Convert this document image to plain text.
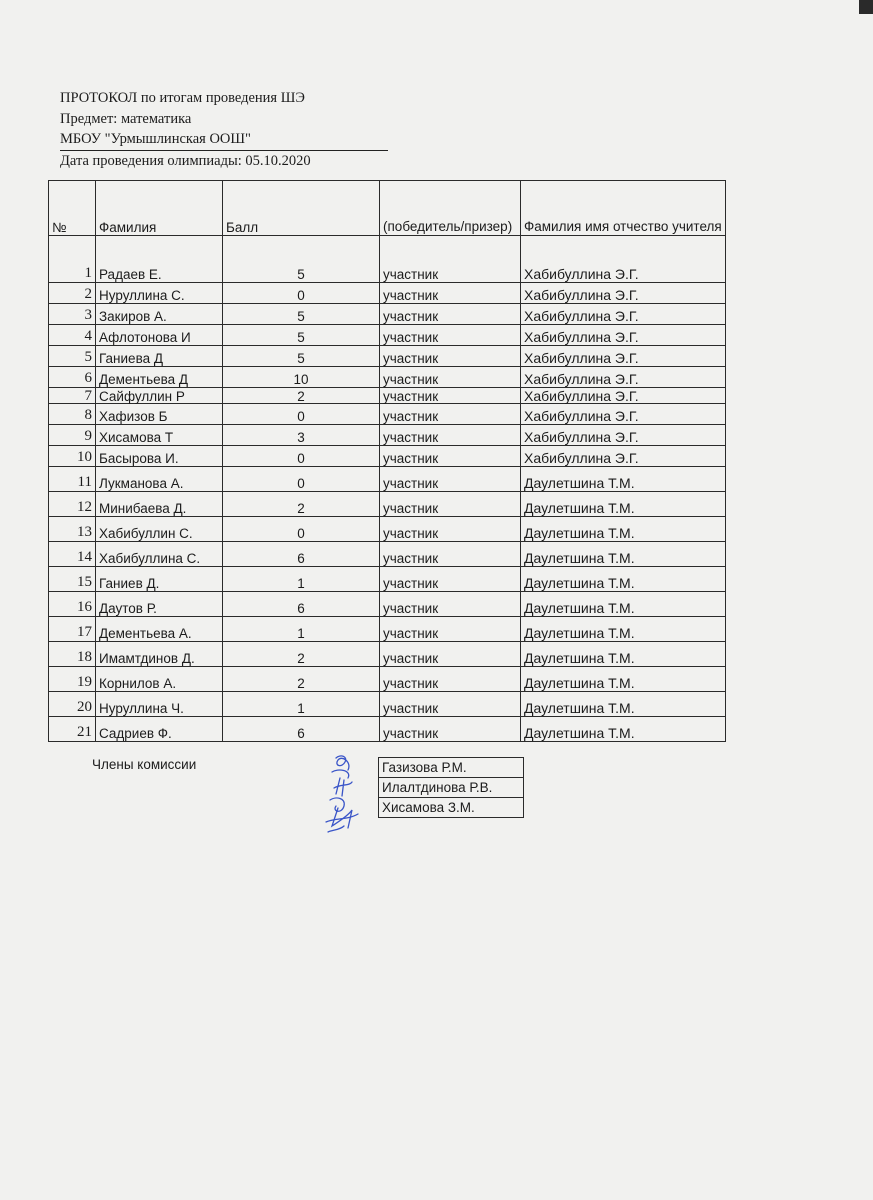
ПРОТОКОЛ по итогам проведения ШЭ
Предмет: математика
МБОУ "Урмышлинская ООШ"
Дата проведения олимпиады: 05.10.2020
№	Фамилия	Балл	(победитель/призер)	Фамилия имя отчество учителя
1	Радаев Е.	5	участник	Хабибуллина Э.Г.
2	Нуруллина С.	0	участник	Хабибуллина Э.Г.
3	Закиров А.	5	участник	Хабибуллина Э.Г.
4	Афлотонова И	5	участник	Хабибуллина Э.Г.
5	Ганиева Д	5	участник	Хабибуллина Э.Г.
6	Дементьева Д	10	участник	Хабибуллина Э.Г.
7	Сайфуллин Р	2	участник	Хабибуллина Э.Г.
8	Хафизов Б	0	участник	Хабибуллина Э.Г.
9	Хисамова Т	3	участник	Хабибуллина Э.Г.
10	Басырова И.	0	участник	Хабибуллина Э.Г.
11	Лукманова А.	0	участник	Даулетшина Т.М.
12	Минибаева Д.	2	участник	Даулетшина Т.М.
13	Хабибуллин С.	0	участник	Даулетшина Т.М.
14	Хабибуллина С.	6	участник	Даулетшина Т.М.
15	Ганиев Д.	1	участник	Даулетшина Т.М.
16	Даутов Р.	6	участник	Даулетшина Т.М.
17	Дементьева А.	1	участник	Даулетшина Т.М.
18	Имамтдинов Д.	2	участник	Даулетшина Т.М.
19	Корнилов А.	2	участник	Даулетшина Т.М.
20	Нуруллина Ч.	1	участник	Даулетшина Т.М.
21	Садриев Ф.	6	участник	Даулетшина Т.М.
Члены комиссии	Газизова Р.М.
Илалтдинова Р.В.
Хисамова З.М.
